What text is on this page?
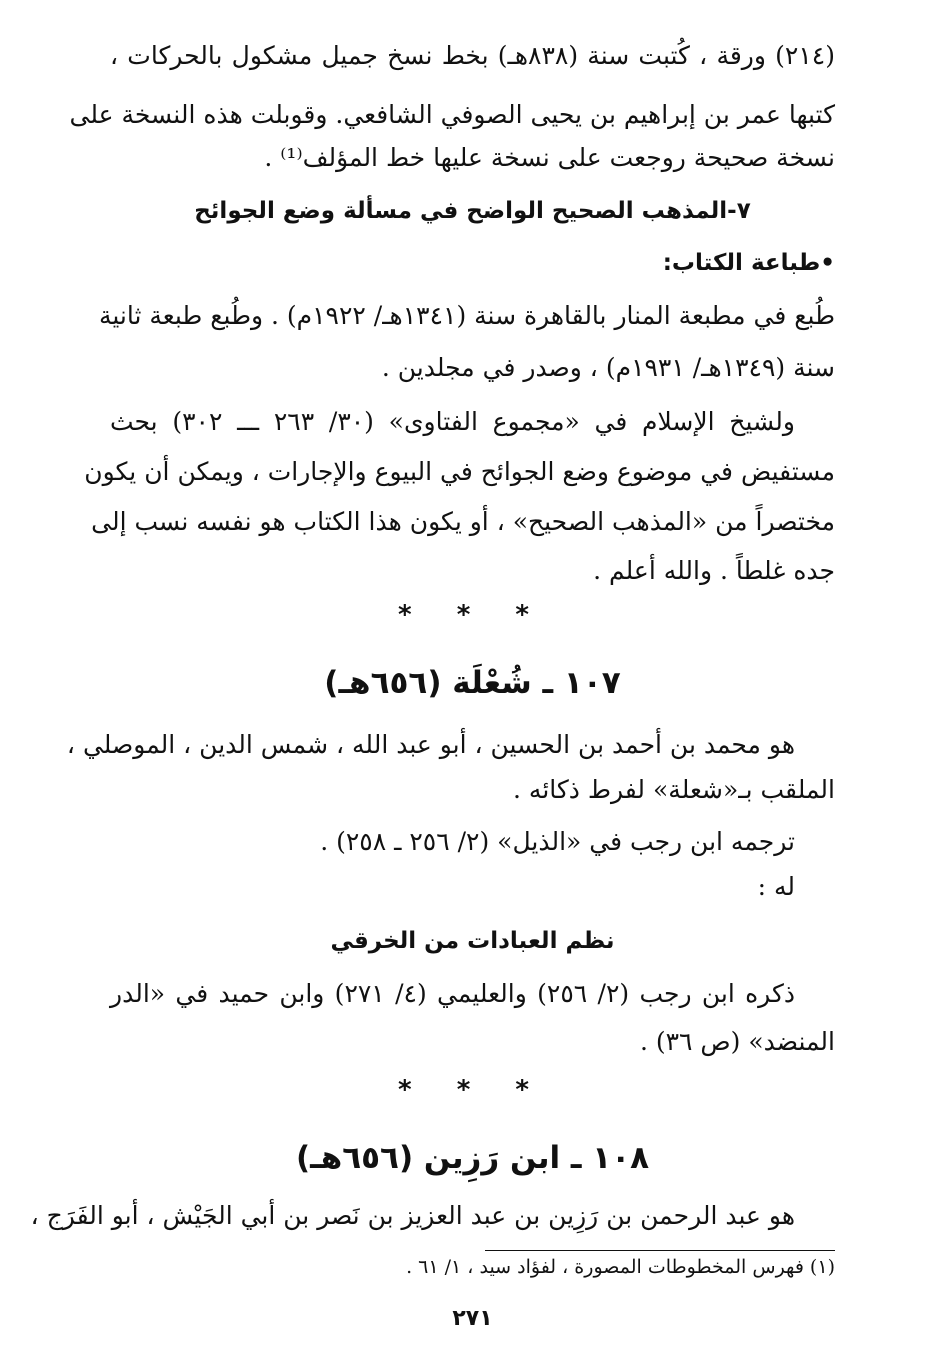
(٢١٤) ورقة ، كُتبت سنة (٨٣٨هـ) بخط نسخ جميل مشكول بالحركات ،
كتبها عمر بن إبراهيم بن يحيى الصوفي الشافعي. وقوبلت هذه النسخة على
نسخة صحيحة روجعت على نسخة عليها خط المؤلف⁽¹⁾ .
٧-المذهب الصحيح الواضح في مسألة وضع الجوائح
•طباعة الكتاب:
طُبع في مطبعة المنار بالقاهرة سنة (١٣٤١هـ/ ١٩٢٢م) . وطُبع طبعة ثانية
سنة (١٣٤٩هـ/ ١٩٣١م) ، وصدر في مجلدين .
ولشيخ الإسلام في «مجموع الفتاوى» (٣٠/ ٢٦٣ ـــ ٣٠٢) بحث
مستفيض في موضوع وضع الجوائح في البيوع والإجارات ، ويمكن أن يكون
مختصراً من «المذهب الصحيح» ، أو يكون هذا الكتاب هو نفسه نسب إلى
جده غلطاً . والله أعلم .
* * *
١٠٧ ـ شُعْلَة (٦٥٦هـ)
هو محمد بن أحمد بن الحسين ، أبو عبد الله ، شمس الدين ، الموصلي ،
الملقب بـ«شعلة» لفرط ذكائه .
ترجمه ابن رجب في «الذيل» (٢/ ٢٥٦ ـ ٢٥٨) .
له :
نظم العبادات من الخرقي
ذكره ابن رجب (٢/ ٢٥٦) والعليمي (٤/ ٢٧١) وابن حميد في «الدر
المنضد» (ص ٣٦) .
* * *
١٠٨ ـ ابن رَزِين (٦٥٦هـ)
هو عبد الرحمن بن رَزِين بن عبد العزيز بن نَصر بن أبي الجَيْش ، أبو الفَرَج ،
(١) فهرس المخطوطات المصورة ، لفؤاد سيد ، ١/ ٦١ .
٢٧١
